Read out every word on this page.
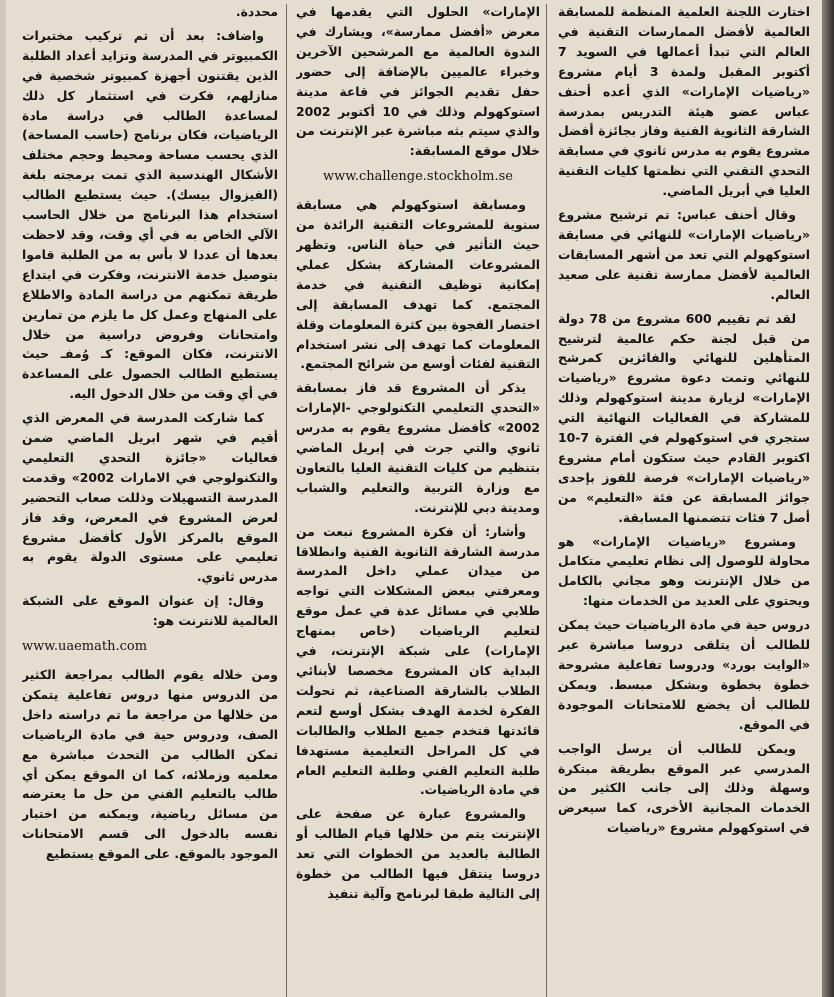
اختارت اللجنة العلمية المنظمة للمسابقة العالمية لأفضل الممارسات التقنية في العالم التي تبدأ أعمالها في السويد 7 أكتوبر المقبل ولمدة 3 أيام مشروع «رياضيات الإمارات» الذي أعده أحنف عباس عضو هيئة التدريس بمدرسة الشارقة الثانوية الفنية وفاز بجائزة أفضل مشروع يقوم به مدرس ثانوي في مسابقة التحدي التقني التي نظمتها كليات التقنية العليا في أبريل الماضي.

وقال أحنف عباس: تم ترشيح مشروع «رياضيات الإمارات» للنهائي في مسابقة استوكهولم التي تعد من أشهر المسابقات العالمية لأفضل ممارسة تقنية على صعيد العالم.

لقد تم تقييم 600 مشروع من 78 دولة من قبل لجنة حكم عالمية لترشيح المتأهلين للنهائي والفائزين كمرشح للنهائي وتمت دعوة مشروع «رياضيات الإمارات» لزيارة مدينة استوكهولم وذلك للمشاركة في الفعاليات النهائية التي ستجري في استوكهولم في الفترة 7-10 اكتوبر القادم حيث ستكون أمام مشروع «رياضيات الإمارات» فرصة للفوز بإحدى جوائز المسابقة عن فئة «التعليم» من أصل 7 فئات تتضمنها المسابقة.

ومشروع «رياضيات الإمارات» هو محاولة للوصول إلى نظام تعليمي متكامل من خلال الإنترنت وهو مجاني بالكامل ويحتوي على العديد من الخدمات منها:

دروس حية في مادة الرياضيات حيث يمكن للطالب أن يتلقى دروسا مباشرة عبر «الوايت بورد» ودروسا تفاعلية مشروحة خطوة بخطوة وبشكل مبسط. ويمكن للطالب أن يخضع للامتحانات الموجودة في الموقع.

ويمكن للطالب أن يرسل الواجب المدرسي عبر الموقع بطريقة مبتكرة وسهلة وذلك إلى جانب الكثير من الخدمات المجانية الأخرى، كما سيعرض في استوكهولم مشروع «رياضيات

الإمارات» الحلول التي يقدمها في معرض «أفضل ممارسة»، ويشارك في الندوة العالمية مع المرشحين الآخرين وخبراء عالميين بالإضافة إلى حضور حفل تقديم الجوائز في قاعة مدينة استوكهولم وذلك في 10 أكتوبر 2002 والذي سيتم بثه مباشرة عبر الإنترنت من خلال موقع المسابقة:

www.challenge.stockholm.se

ومسابقة استوكهولم هي مسابقة سنوية للمشروعات التقنية الرائدة من حيث التأثير في حياة الناس. وتظهر المشروعات المشاركة بشكل عملي إمكانية توظيف التقنية في خدمة المجتمع. كما تهدف المسابقة إلى اختصار الفجوة بين كثرة المعلومات وقلة المعلومات كما تهدف إلى نشر استخدام التقنية لفئات أوسع من شرائح المجتمع.

يذكر أن المشروع قد فاز بمسابقة «التحدي التعليمي التكنولوجي -الإمارات 2002» كأفضل مشروع يقوم به مدرس ثانوي والتي جرت في إبريل الماضي بتنظيم من كليات التقنية العليا بالتعاون مع وزارة التربية والتعليم والشباب ومدينة دبي للإنترنت.

وأشار: أن فكرة المشروع نبعت من مدرسة الشارقة الثانوية الفنية وانطلاقا من ميدان عملي داخل المدرسة ومعرفتي ببعض المشكلات التي تواجه طلابي في مسائل عدة في عمل موقع لتعليم الرياضيات (خاص بمنهاج الإمارات) على شبكة الإنترنت، في البداية كان المشروع مخصصا لأبنائي الطلاب بالشارقة الصناعية، ثم تحولت الفكرة لخدمة الهدف بشكل أوسع لتعم فائدتها فتخدم جميع الطلاب والطالبات في كل المراحل التعليمية مستهدفا طلبة التعليم الفني وطلبة التعليم العام في مادة الرياضيات.

والمشروع عبارة عن صفحة على الإنترنت يتم من خلالها قيام الطالب أو الطالبة بالعديد من الخطوات التي تعد دروسا ينتقل فيها الطالب من خطوة إلى التالية طبقا لبرنامج وآلية تنفيذ

محددة.

واضاف: بعد أن تم تركيب مختبرات الكمبيوتر في المدرسة وتزايد أعداد الطلبة الذين يقتنون أجهزة كمبيوتر شخصية في منازلهم، فكرت في استثمار كل ذلك لمساعدة الطالب في دراسة مادة الرياضيات، فكان برنامج (حاسب المساحة) الذي يحسب مساحة ومحيط وحجم مختلف الأشكال الهندسية الذي تمت برمجته بلغة (الفيزوال بيسك). حيث يستطيع الطالب استخدام هذا البرنامج من خلال الحاسب الآلي الخاص به في أي وقت، وقد لاحظت بعدها أن عددا لا بأس به من الطلبة قاموا بتوصيل خدمة الانترنت، وفكرت في ابتداع طريقة تمكنهم من دراسة المادة والاطلاع على المنهاج وعمل كل ما يلزم من تمارين وامتحانات وفروض دراسية من خلال الانترنت، فكان الموقع: كـ وُمفـ حيث يستطيع الطالب الحصول على المساعدة في أي وقت من خلال الدخول اليه.

كما شاركت المدرسة في المعرض الذي أقيم في شهر ابريل الماضي ضمن فعاليات «جائزة التحدي التعليمي والتكنولوجي في الامارات 2002» وقدمت المدرسة التسهيلات وذللت صعاب التحضير لعرض المشروع في المعرض، وقد فاز الموقع بالمركز الأول كأفضل مشروع تعليمي على مستوى الدولة يقوم به مدرس ثانوي.

وقال: إن عنوان الموقع على الشبكة العالمية للانترنت هو:

www.uaemath.com

ومن خلاله يقوم الطالب بمراجعة الكثير من الدروس منها دروس تفاعلية يتمكن من خلالها من مراجعة ما تم دراسته داخل الصف، ودروس حية في مادة الرياضيات تمكن الطالب من التحدث مباشرة مع معلميه وزملائه، كما ان الموقع يمكن أي طالب بالتعليم الفني من حل ما يعترضه من مسائل رياضية، ويمكنه من اختبار نفسه بالدخول الى قسم الامتحانات الموجود بالموقع. على الموقع يستطيع
